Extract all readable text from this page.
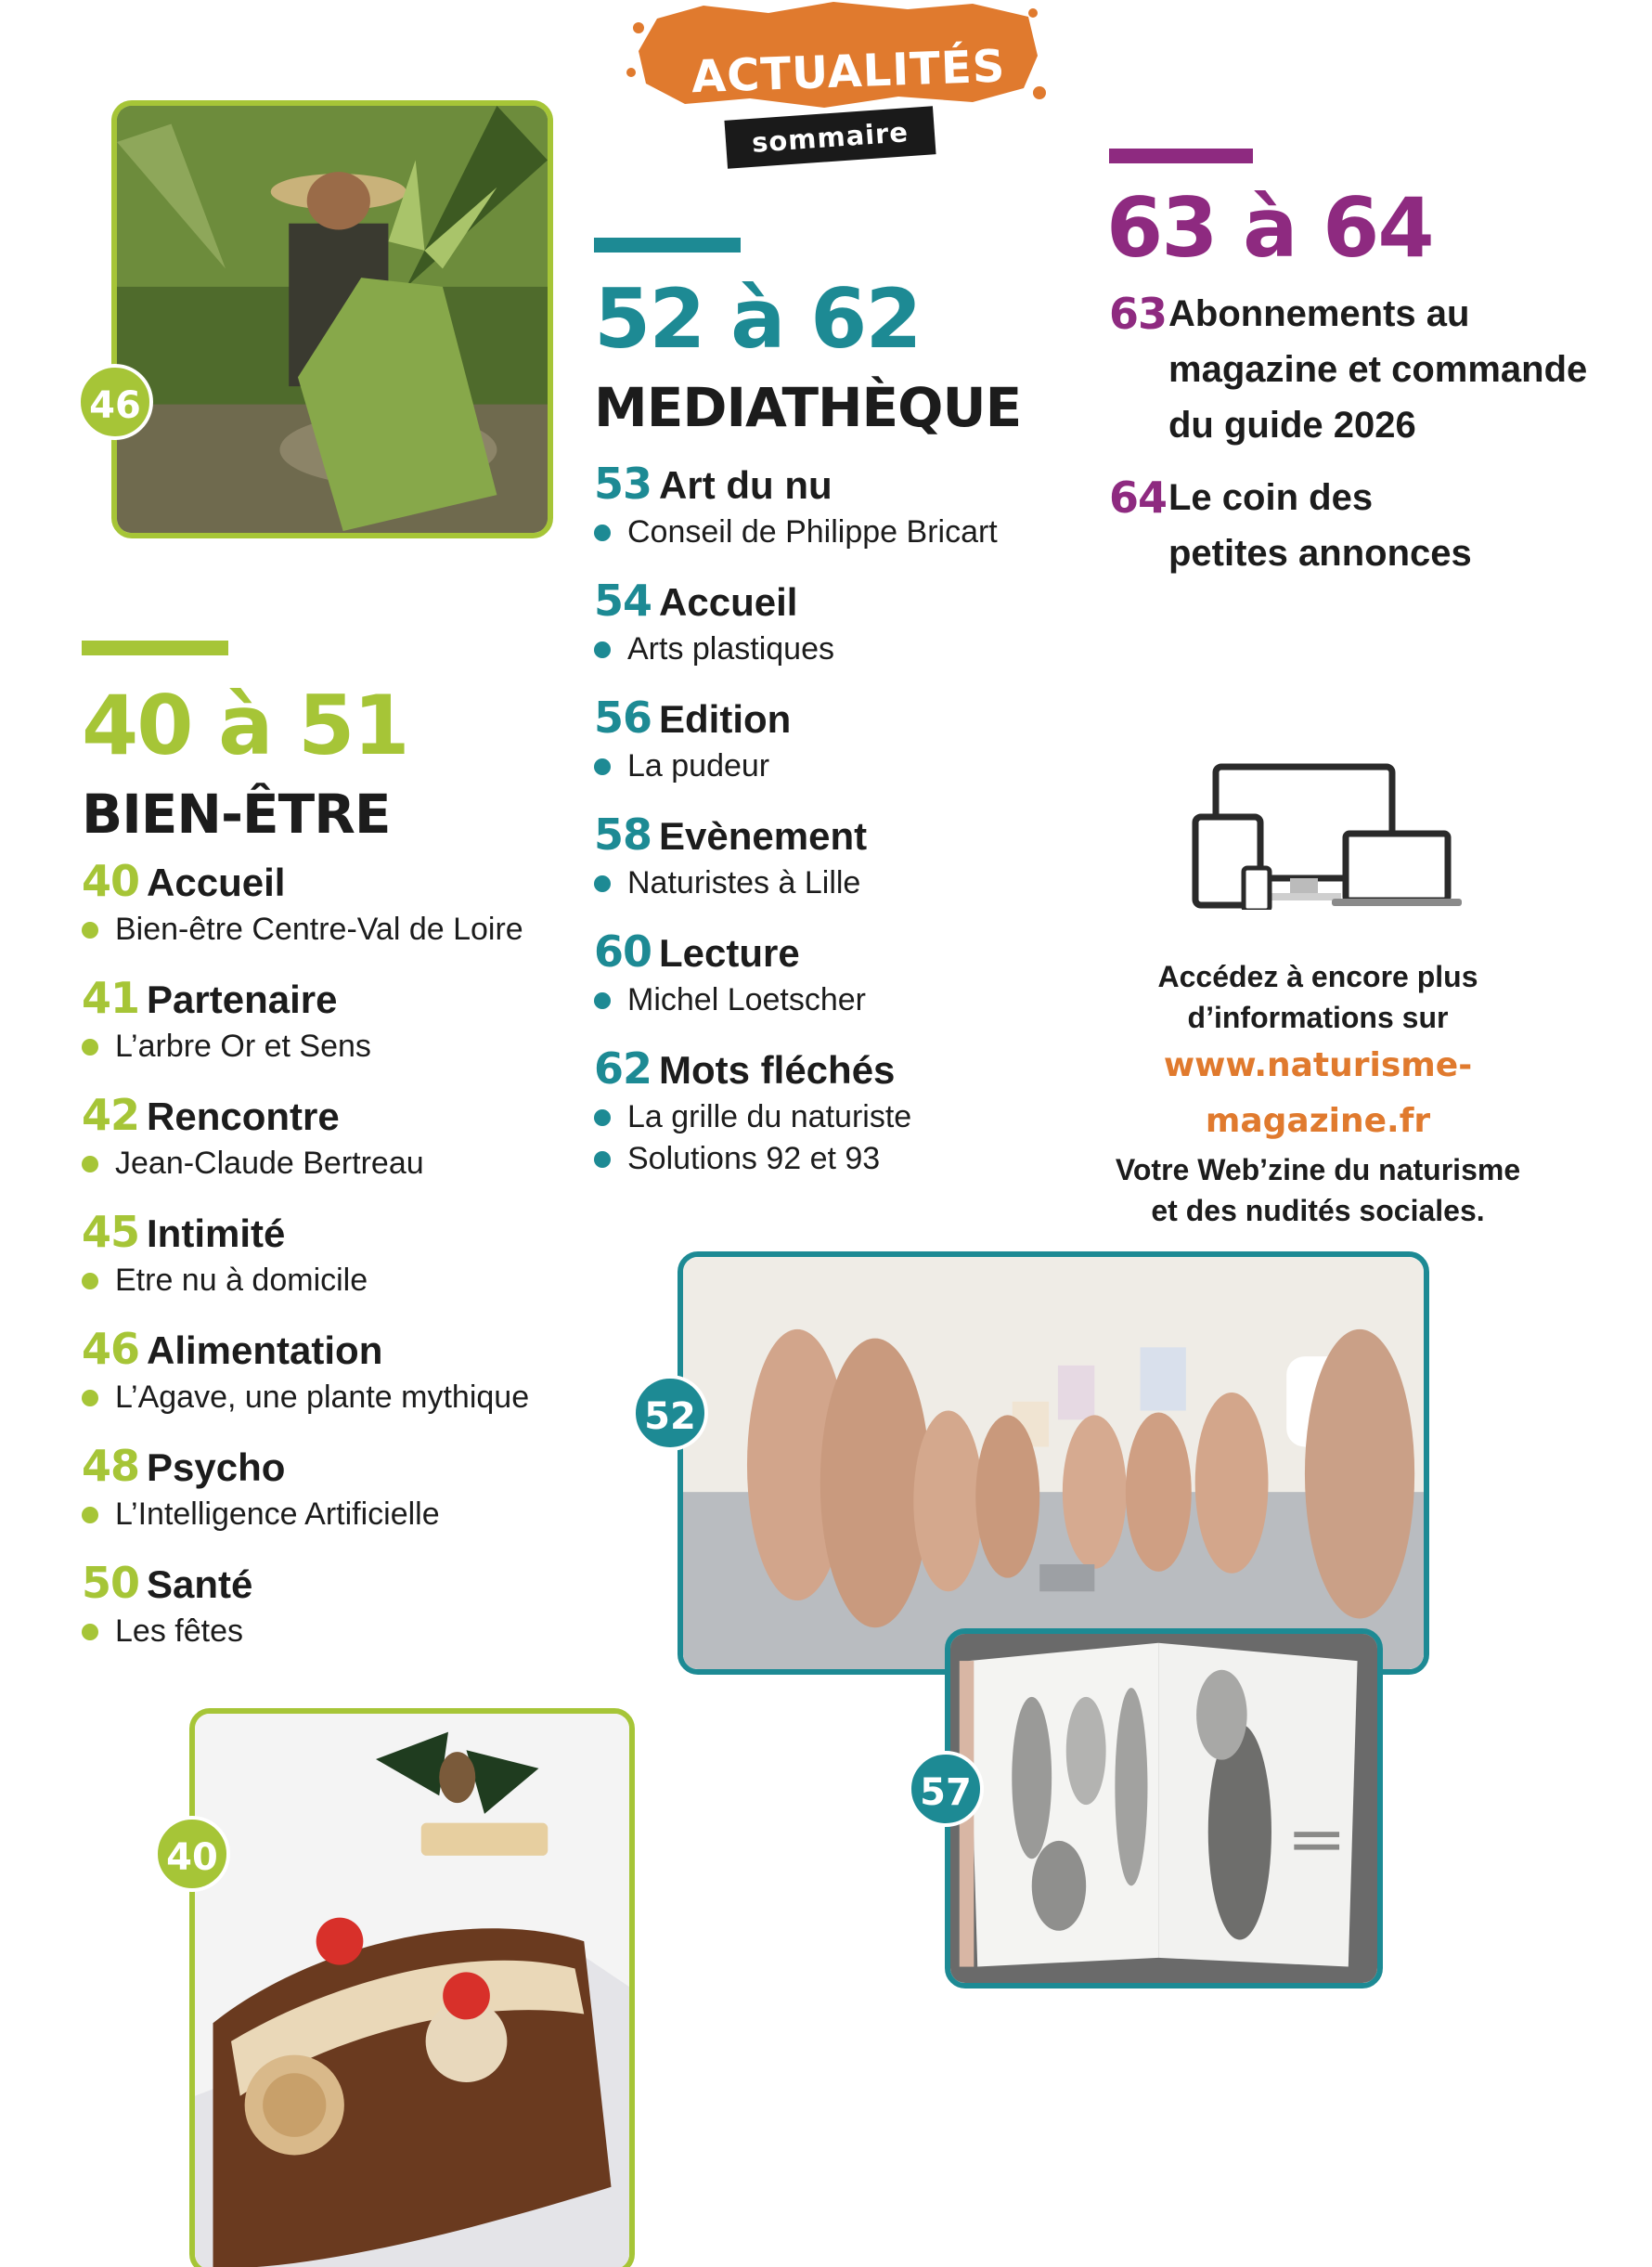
ACTUALITÉS
sommaire
46
40 à 51
BIEN-ÊTRE
40 Accueil
Bien-être Centre-Val de Loire
41 Partenaire
L’arbre Or et Sens
42 Rencontre
Jean-Claude Bertreau
45 Intimité
Etre nu à domicile
46 Alimentation
L’Agave, une plante mythique
48 Psycho
L’Intelligence Artificielle
50 Santé
Les fêtes
40
52 à 62
MEDIATHÈQUE
53 Art du nu
Conseil de Philippe Bricart
54 Accueil
Arts plastiques
56 Edition
La pudeur
58 Evènement
Naturistes à Lille
60 Lecture
Michel Loetscher
62 Mots fléchés
La grille du naturiste
Solutions 92 et 93
63 à 64
63 Abonnements au
magazine et commande
du guide 2026
64 Le coin des
petites annonces
Accédez à encore plus
d’informations sur
www.naturisme-magazine.fr
Votre Web’zine du naturisme
et des nudités sociales.
52
57
